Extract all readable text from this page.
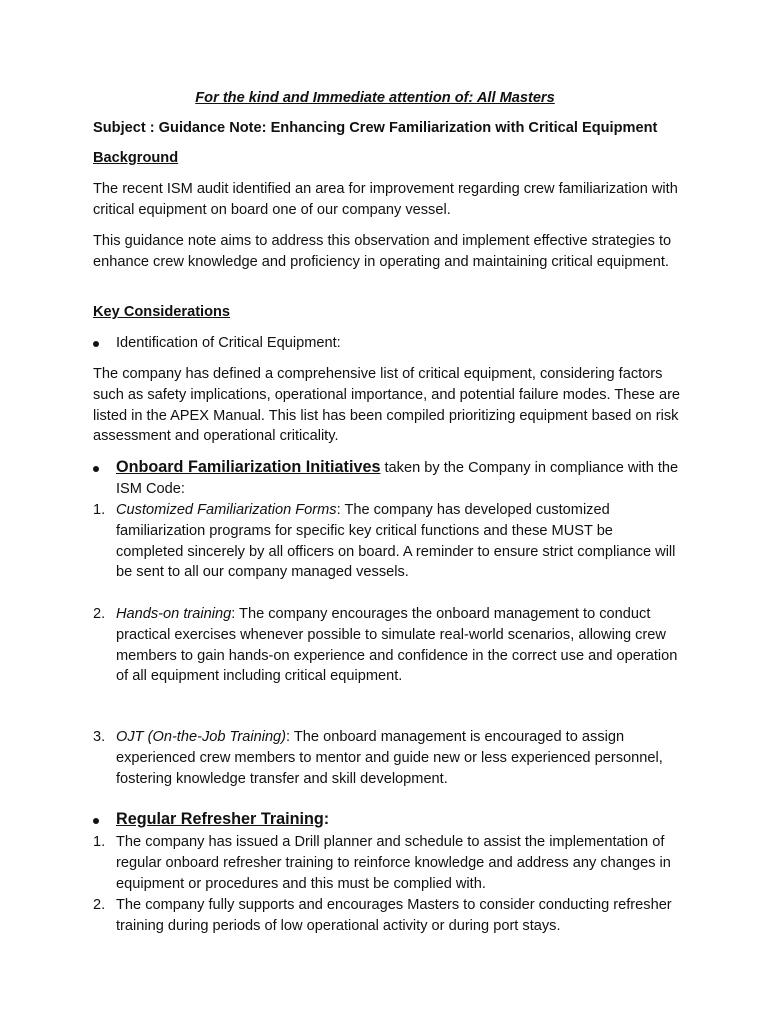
For the kind and Immediate attention of: All Masters

Subject : Guidance Note: Enhancing Crew Familiarization with Critical Equipment

Background

The recent ISM audit identified an area for improvement regarding crew familiarization with critical equipment on board one of our company vessel.

This guidance note aims to address this observation and implement effective strategies to enhance crew knowledge and proficiency in operating and maintaining critical equipment.

Key Considerations

Identification of Critical Equipment:

The company has defined a comprehensive list of critical equipment, considering factors such as safety implications, operational importance, and potential failure modes. These are listed in the APEX Manual. This list has been compiled prioritizing equipment based on risk assessment and operational criticality.

Onboard Familiarization Initiatives taken by the Company in compliance with the ISM Code:
1. Customized Familiarization Forms: The company has developed customized familiarization programs for specific key critical functions and these MUST be completed sincerely by all officers on board. A reminder to ensure strict compliance will be sent to all our company managed vessels.
2. Hands-on training: The company encourages the onboard management to conduct practical exercises whenever possible to simulate real-world scenarios, allowing crew members to gain hands-on experience and confidence in the correct use and operation of all equipment including critical equipment.
3. OJT (On-the-Job Training): The onboard management is encouraged to assign experienced crew members to mentor and guide new or less experienced personnel, fostering knowledge transfer and skill development.
Regular Refresher Training:
1. The company has issued a Drill planner and schedule to assist the implementation of regular onboard refresher training to reinforce knowledge and address any changes in equipment or procedures and this must be complied with.
2. The company fully supports and encourages Masters to consider conducting refresher training during periods of low operational activity or during port stays.
